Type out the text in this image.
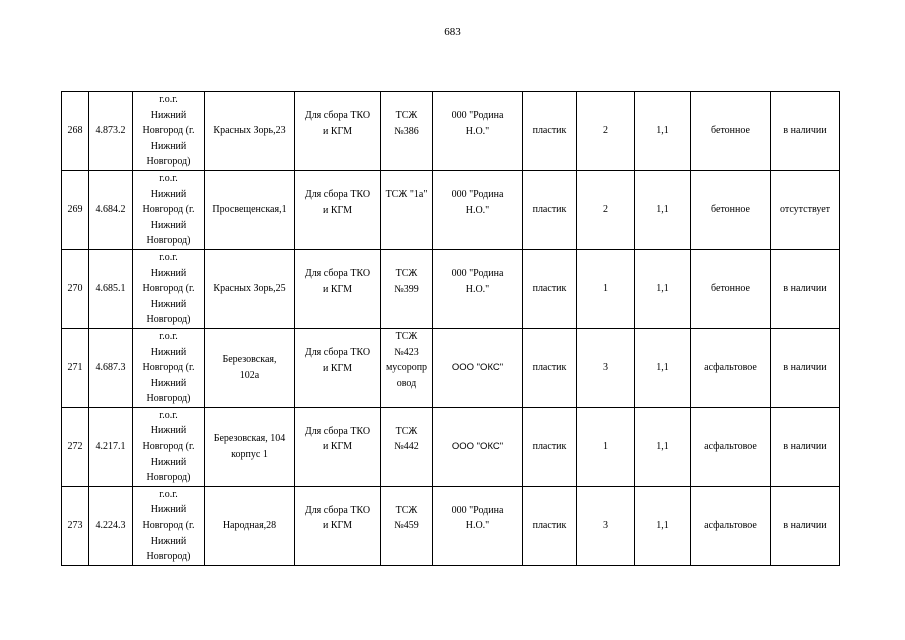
683
268	4.873.2	г.о.г.
Нижний
Новгород (г.
Нижний
Новгород)	Красных Зорь,23	Для сбора ТКО
и КГМ	ТСЖ
№386	000 "Родина
Н.О."	пластик	2	1,1	бетонное	в наличии
269	4.684.2	г.о.г.
Нижний
Новгород (г.
Нижний
Новгород)	Просвещенская,1	Для сбора ТКО
и КГМ	ТСЖ "1а"	000 "Родина
Н.О."	пластик	2	1,1	бетонное	отсутствует
270	4.685.1	г.о.г.
Нижний
Новгород (г.
Нижний
Новгород)	Красных Зорь,25	Для сбора ТКО
и КГМ	ТСЖ
№399	000 "Родина
Н.О."	пластик	1	1,1	бетонное	в наличии
271	4.687.3	г.о.г.
Нижний
Новгород (г.
Нижний
Новгород)	Березовская,
102а	Для сбора ТКО
и КГМ	ТСЖ
№423
мусоропр
овод	ООО "ОКС"	пластик	3	1,1	асфальтовое	в наличии
272	4.217.1	г.о.г.
Нижний
Новгород (г.
Нижний
Новгород)	Березовская, 104
корпус 1	Для сбора ТКО
и КГМ	ТСЖ
№442	ООО "ОКС"	пластик	1	1,1	асфальтовое	в наличии
273	4.224.3	г.о.г.
Нижний
Новгород (г.
Нижний
Новгород)	Народная,28	Для сбора ТКО
и КГМ	ТСЖ
№459	000 "Родина
Н.О."	пластик	3	1,1	асфальтовое	в наличии
